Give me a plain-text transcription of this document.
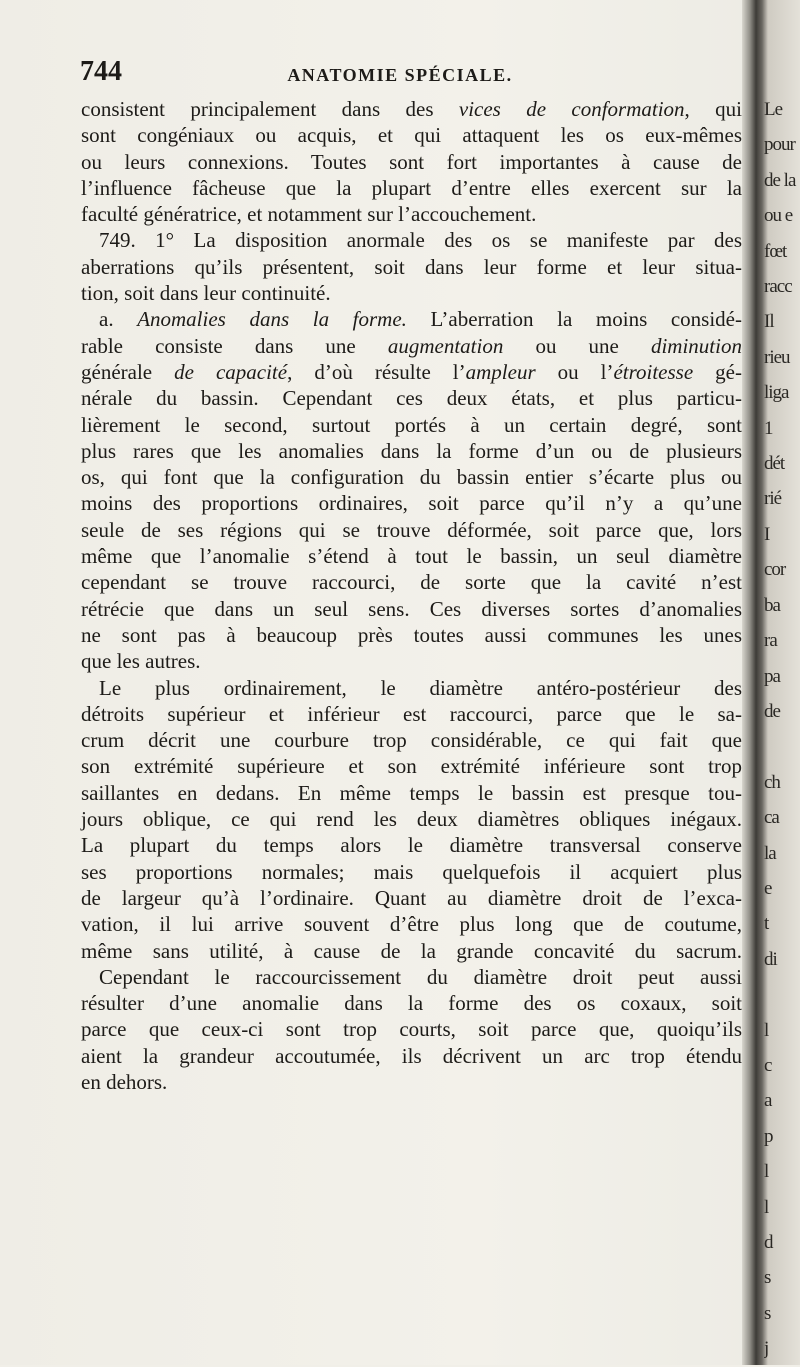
744	ANATOMIE SPÉCIALE.

consistent principalement dans des vices de conformation, qui

sont congéniaux ou acquis, et qui attaquent les os eux-mêmes

ou leurs connexions. Toutes sont fort importantes à cause de

l’influence fâcheuse que la plupart d’entre elles exercent sur la

faculté génératrice, et notamment sur l’accouchement.

749. 1° La disposition anormale des os se manifeste par des

aberrations qu’ils présentent, soit dans leur forme et leur situa-

tion, soit dans leur continuité.

a. Anomalies dans la forme. L’aberration la moins considé-

rable consiste dans une augmentation ou une diminution

générale de capacité, d’où résulte l’ampleur ou l’étroitesse gé-

nérale du bassin. Cependant ces deux états, et plus particu-

lièrement le second, surtout portés à un certain degré, sont

plus rares que les anomalies dans la forme d’un ou de plusieurs

os, qui font que la configuration du bassin entier s’écarte plus ou

moins des proportions ordinaires, soit parce qu’il n’y a qu’une

seule de ses régions qui se trouve déformée, soit parce que, lors

même que l’anomalie s’étend à tout le bassin, un seul diamètre

cependant se trouve raccourci, de sorte que la cavité n’est

rétrécie que dans un seul sens. Ces diverses sortes d’anomalies

ne sont pas à beaucoup près toutes aussi communes les unes

que les autres.

Le plus ordinairement, le diamètre antéro-postérieur des

détroits supérieur et inférieur est raccourci, parce que le sa-

crum décrit une courbure trop considérable, ce qui fait que

son extrémité supérieure et son extrémité inférieure sont trop

saillantes en dedans. En même temps le bassin est presque tou-

jours oblique, ce qui rend les deux diamètres obliques inégaux.

La plupart du temps alors le diamètre transversal conserve

ses proportions normales; mais quelquefois il acquiert plus

de largeur qu’à l’ordinaire. Quant au diamètre droit de l’exca-

vation, il lui arrive souvent d’être plus long que de coutume,

même sans utilité, à cause de la grande concavité du sacrum.

Cependant le raccourcissement du diamètre droit peut aussi

résulter d’une anomalie dans la forme des os coxaux, soit

parce que ceux-ci sont trop courts, soit parce que, quoiqu’ils

aient la grandeur accoutumée, ils décrivent un arc trop étendu

en dehors.

Le
pour
de la
ou e
fœt
racc
Il
rieu
liga
1
dét
rié
I
cor
ba
ra
pa
de

ch
ca
la
e
t
di

l
c
a
p
l
l
d
s
s
j
